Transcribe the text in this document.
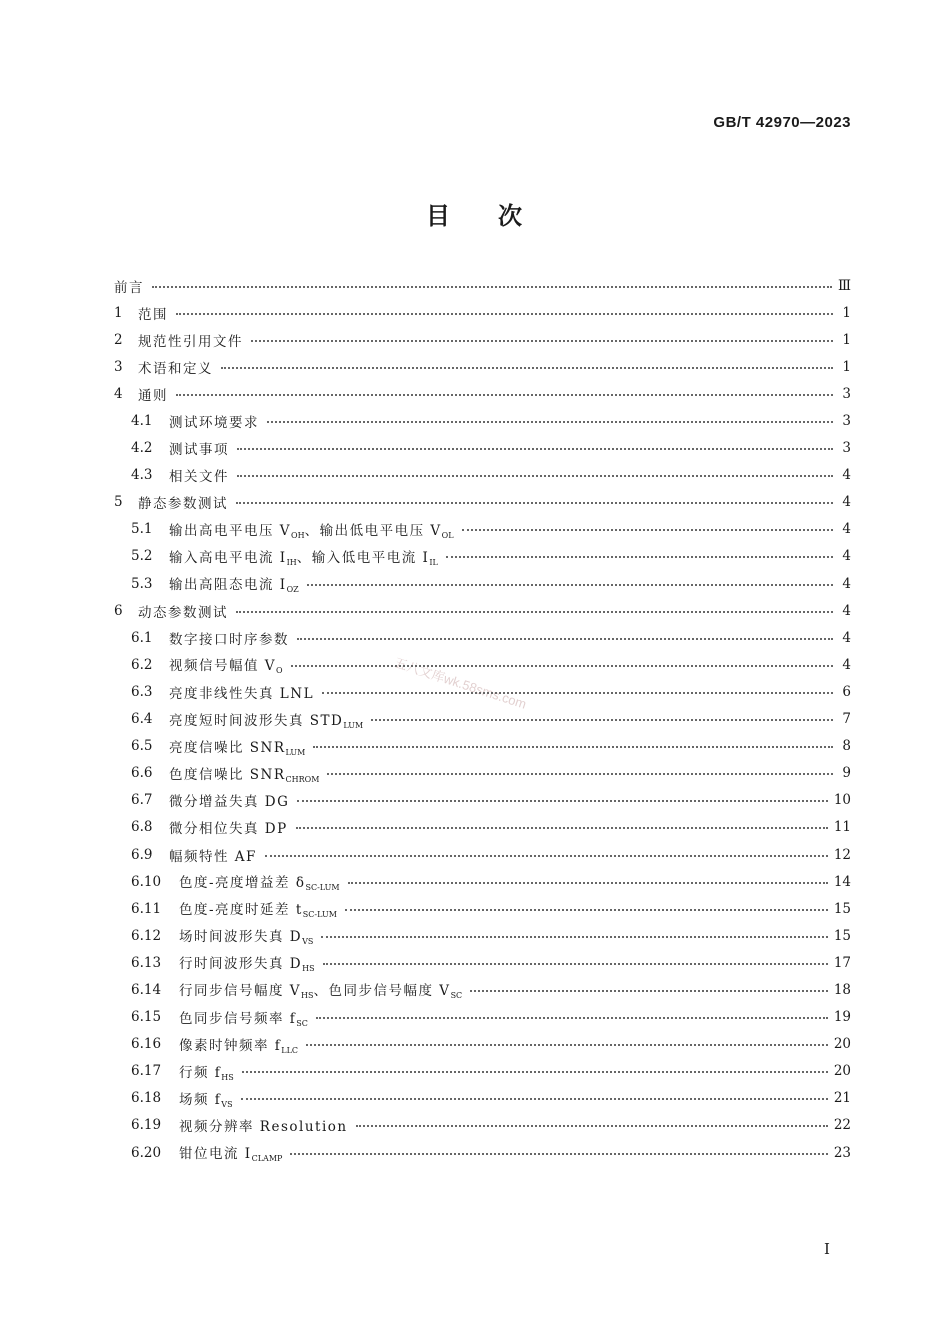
GB/T 42970—2023
目 次
五八文库wk.58sms.com
前言	Ⅲ
1	范围	1
2	规范性引用文件	1
3	术语和定义	1
4	通则	3
4.1	测试环境要求	3
4.2	测试事项	3
4.3	相关文件	4
5	静态参数测试	4
5.1	输出高电平电压 $V_{OH}$、输出低电平电压 $V_{OL}$	4
5.2	输入高电平电流 $I_{IH}$、输入低电平电流 $I_{IL}$	4
5.3	输出高阻态电流 $I_{OZ}$	4
6	动态参数测试	4
6.1	数字接口时序参数	4
6.2	视频信号幅值 $V_O$	4
6.3	亮度非线性失真 LNL	6
6.4	亮度短时间波形失真 $STD_{LUM}$	7
6.5	亮度信噪比 $SNR_{LUM}$	8
6.6	色度信噪比 $SNR_{CHROM}$	9
6.7	微分增益失真 DG	10
6.8	微分相位失真 DP	11
6.9	幅频特性 AF	12
6.10	色度-亮度增益差 $\delta_{SC-LUM}$	14
6.11	色度-亮度时延差 $t_{SC-LUM}$	15
6.12	场时间波形失真 $D_{VS}$	15
6.13	行时间波形失真 $D_{HS}$	17
6.14	行同步信号幅度 $V_{HS}$、色同步信号幅度 $V_{SC}$	18
6.15	色同步信号频率 $f_{SC}$	19
6.16	像素时钟频率 $f_{LLC}$	20
6.17	行频 $f_{HS}$	20
6.18	场频 $f_{VS}$	21
6.19	视频分辨率 Resolution	22
6.20	钳位电流 $I_{CLAMP}$	23
I
